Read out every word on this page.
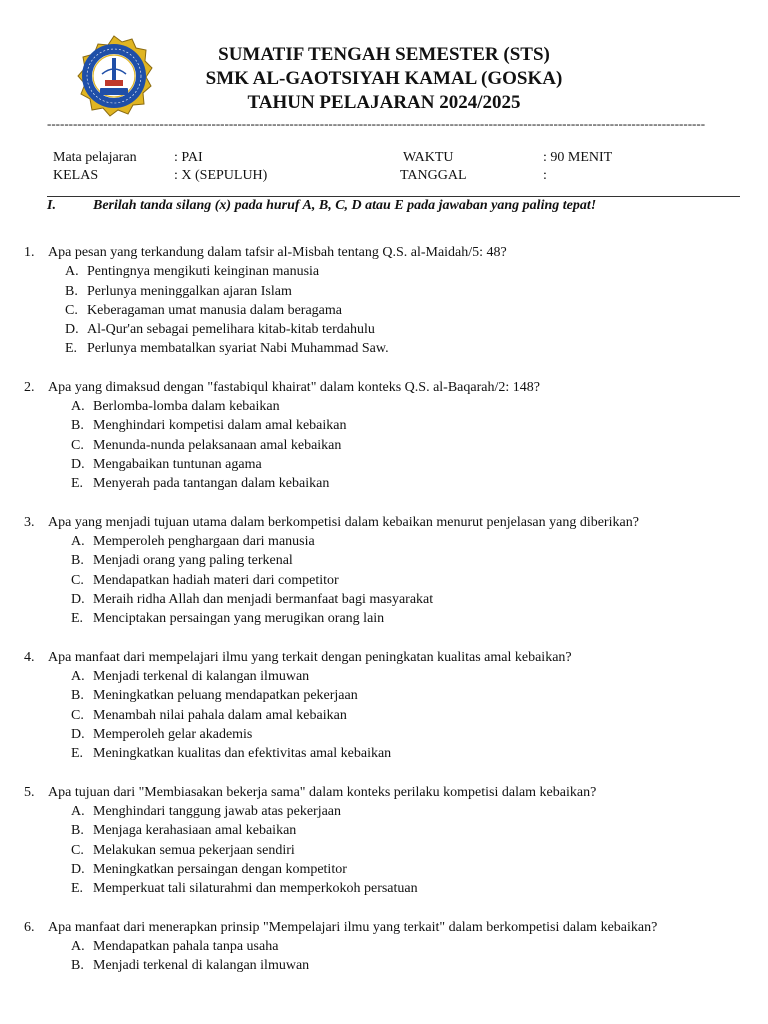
SUMATIF TENGAH SEMESTER (STS)
SMK AL-GAOTSIYAH KAMAL (GOSKA)
TAHUN PELAJARAN 2024/2025
--------------------------------------------------------------------------------------------------------------------------------------------------------
Mata pelajaran	: PAI
KELAS	: X (SEPULUH)
WAKTU	: 90 MENIT
TANGGAL	:
I.	Berilah tanda silang (x) pada huruf A, B, C, D atau E pada jawaban yang paling tepat!
1. Apa pesan yang terkandung dalam tafsir al-Misbah tentang Q.S. al-Maidah/5: 48?
A. Pentingnya mengikuti keinginan manusia
B. Perlunya meninggalkan ajaran Islam
C. Keberagaman umat manusia dalam beragama
D. Al-Qur'an sebagai pemelihara kitab-kitab terdahulu
E. Perlunya membatalkan syariat Nabi Muhammad Saw.
2. Apa yang dimaksud dengan "fastabiqul khairat" dalam konteks Q.S. al-Baqarah/2: 148?
A. Berlomba-lomba dalam kebaikan
B. Menghindari kompetisi dalam amal kebaikan
C. Menunda-nunda pelaksanaan amal kebaikan
D. Mengabaikan tuntunan agama
E. Menyerah pada tantangan dalam kebaikan
3. Apa yang menjadi tujuan utama dalam berkompetisi dalam kebaikan menurut penjelasan yang diberikan?
A. Memperoleh penghargaan dari manusia
B. Menjadi orang yang paling terkenal
C. Mendapatkan hadiah materi dari competitor
D. Meraih ridha Allah dan menjadi bermanfaat bagi masyarakat
E. Menciptakan persaingan yang merugikan orang lain
4. Apa manfaat dari mempelajari ilmu yang terkait dengan peningkatan kualitas amal kebaikan?
A. Menjadi terkenal di kalangan ilmuwan
B. Meningkatkan peluang mendapatkan pekerjaan
C. Menambah nilai pahala dalam amal kebaikan
D. Memperoleh gelar akademis
E. Meningkatkan kualitas dan efektivitas amal kebaikan
5. Apa tujuan dari "Membiasakan bekerja sama" dalam konteks perilaku kompetisi dalam kebaikan?
A. Menghindari tanggung jawab atas pekerjaan
B. Menjaga kerahasiaan amal kebaikan
C. Melakukan semua pekerjaan sendiri
D. Meningkatkan persaingan dengan kompetitor
E. Memperkuat tali silaturahmi dan memperkokoh persatuan
6. Apa manfaat dari menerapkan prinsip "Mempelajari ilmu yang terkait" dalam berkompetisi dalam kebaikan?
A. Mendapatkan pahala tanpa usaha
B. Menjadi terkenal di kalangan ilmuwan
